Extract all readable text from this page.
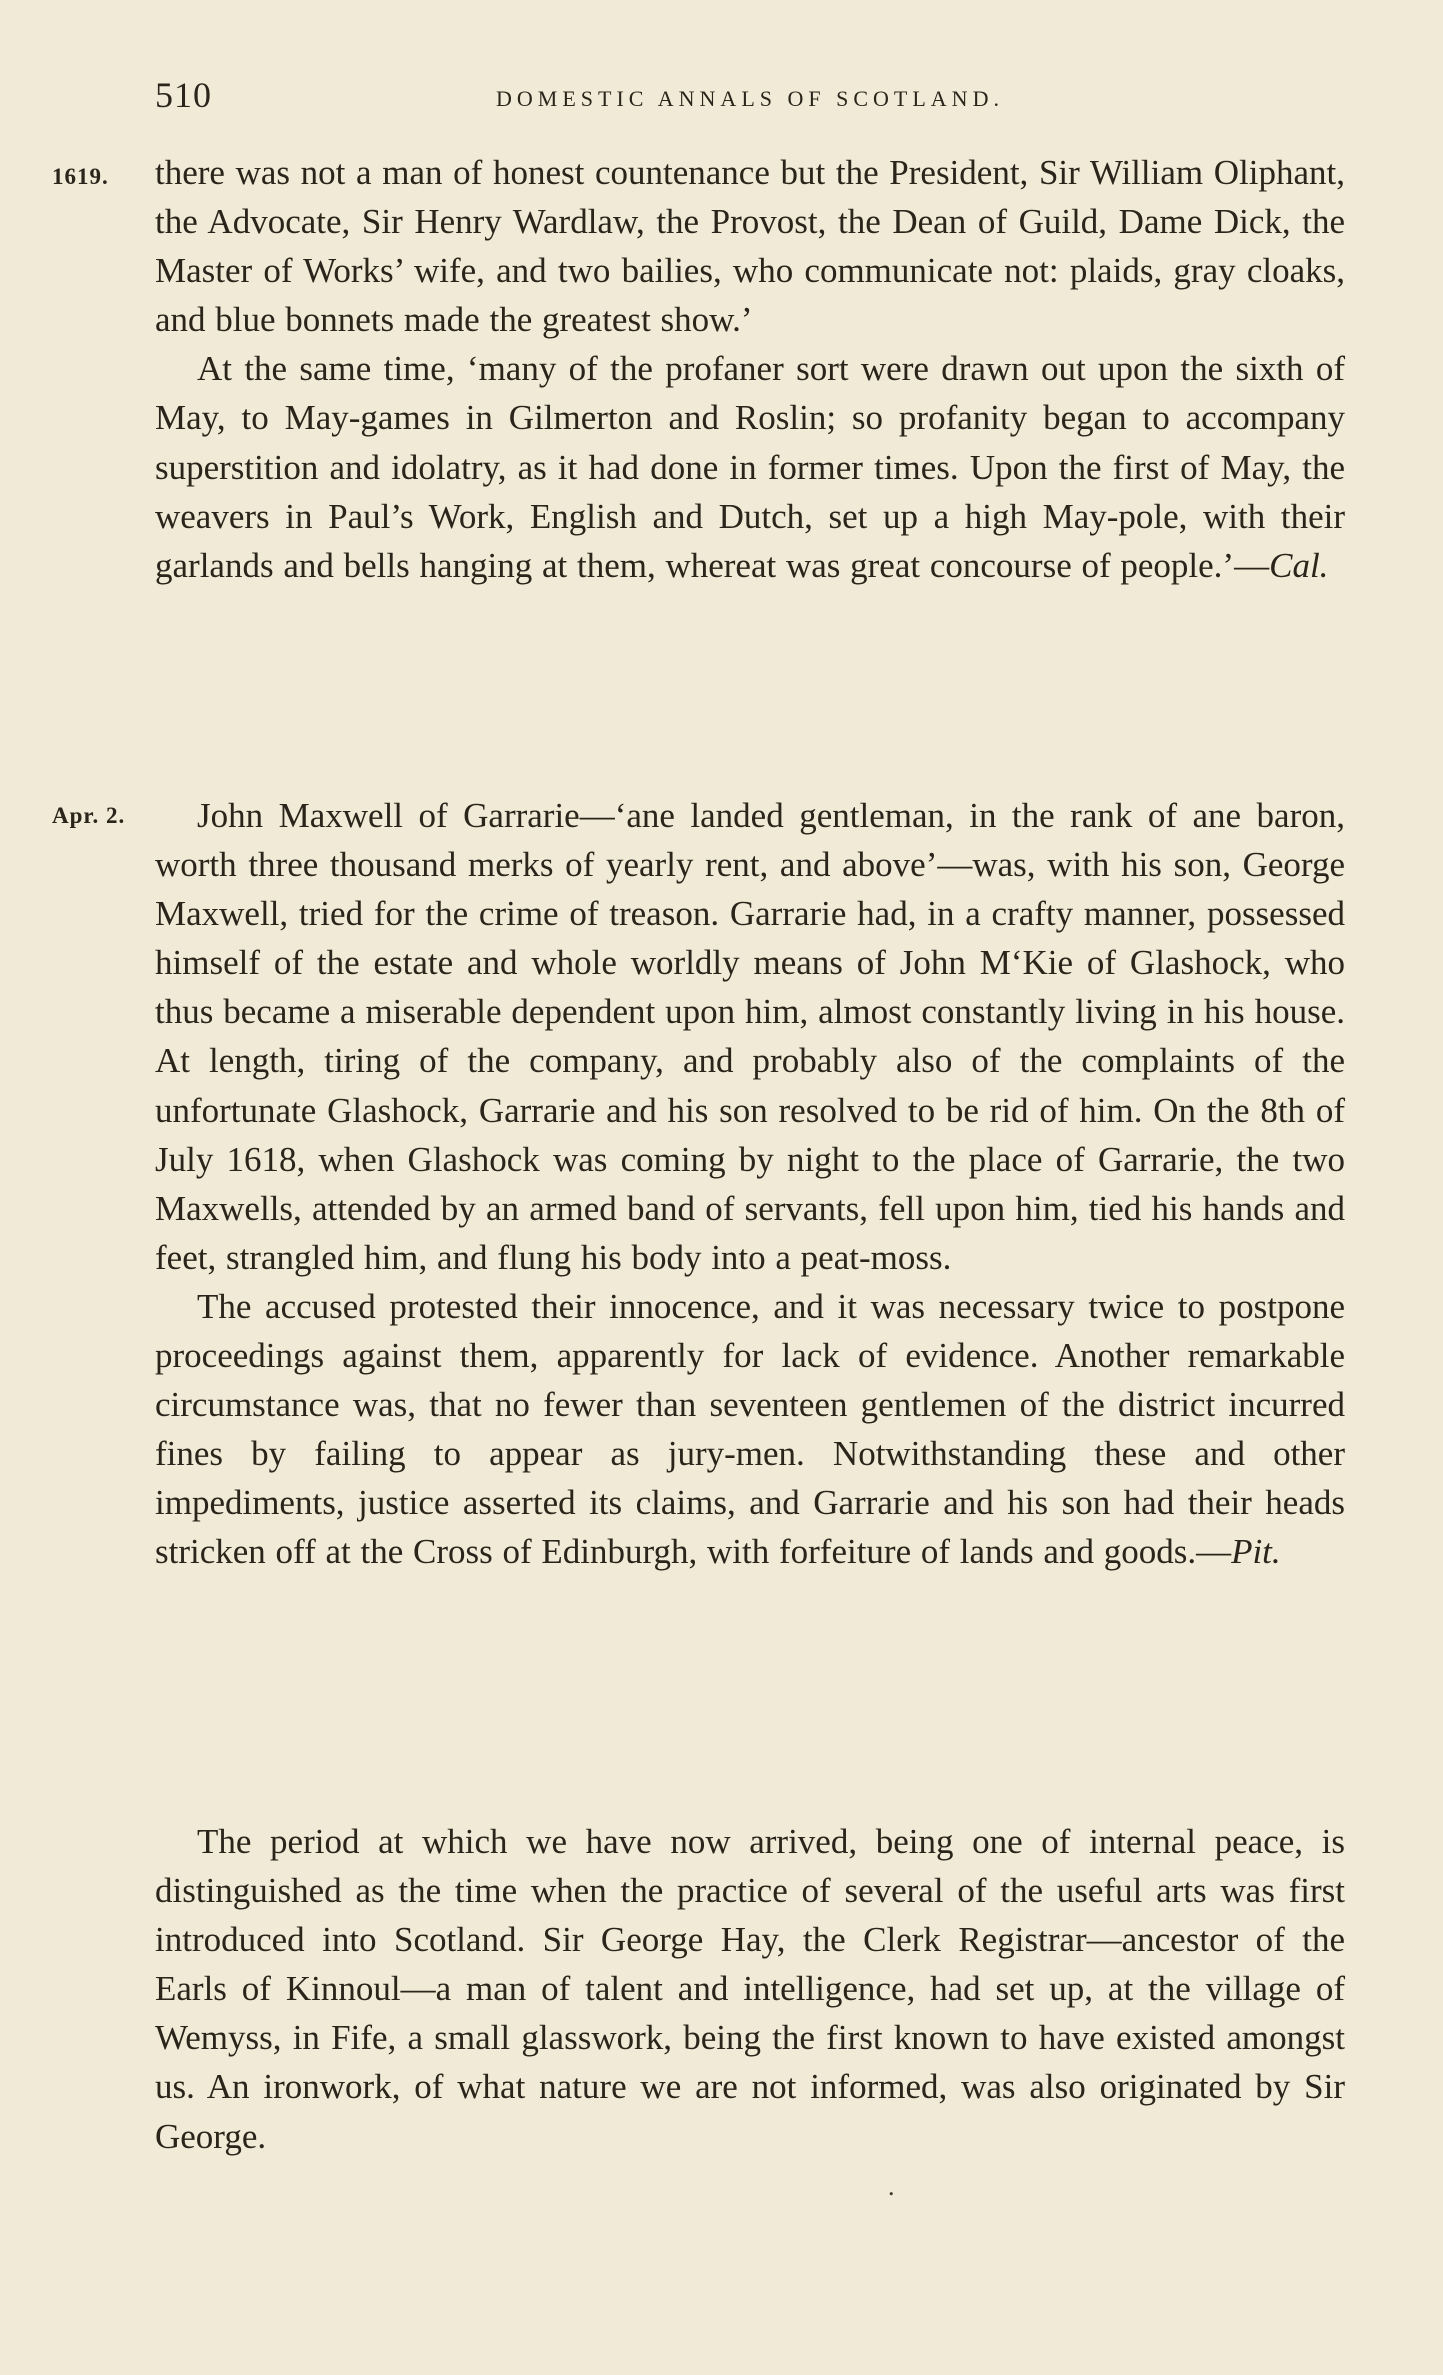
510	DOMESTIC ANNALS OF SCOTLAND.
1619.
Apr. 2.

there was not a man of honest countenance but the President, Sir William Oliphant, the Advocate, Sir Henry Wardlaw, the Provost, the Dean of Guild, Dame Dick, the Master of Works’ wife, and two bailies, who communicate not: plaids, gray cloaks, and blue bonnets made the greatest show.’

At the same time, ‘many of the profaner sort were drawn out upon the sixth of May, to May-games in Gilmerton and Roslin; so profanity began to accompany superstition and idolatry, as it had done in former times. Upon the first of May, the weavers in Paul’s Work, English and Dutch, set up a high May-pole, with their garlands and bells hanging at them, whereat was great concourse of people.’—Cal.

John Maxwell of Garrarie—‘ane landed gentleman, in the rank of ane baron, worth three thousand merks of yearly rent, and above’—was, with his son, George Maxwell, tried for the crime of treason. Garrarie had, in a crafty manner, possessed himself of the estate and whole worldly means of John M‘Kie of Glashock, who thus became a miserable dependent upon him, almost constantly living in his house. At length, tiring of the company, and probably also of the complaints of the unfortunate Glashock, Garrarie and his son resolved to be rid of him. On the 8th of July 1618, when Glashock was coming by night to the place of Garrarie, the two Maxwells, attended by an armed band of servants, fell upon him, tied his hands and feet, strangled him, and flung his body into a peat-moss.

The accused protested their innocence, and it was necessary twice to postpone proceedings against them, apparently for lack of evidence. Another remarkable circumstance was, that no fewer than seventeen gentlemen of the district incurred fines by failing to appear as jury-men. Notwithstanding these and other impediments, justice asserted its claims, and Garrarie and his son had their heads stricken off at the Cross of Edinburgh, with forfeiture of lands and goods.—Pit.

The period at which we have now arrived, being one of internal peace, is distinguished as the time when the practice of several of the useful arts was first introduced into Scotland. Sir George Hay, the Clerk Registrar—ancestor of the Earls of Kinnoul—a man of talent and intelligence, had set up, at the village of Wemyss, in Fife, a small glasswork, being the first known to have existed amongst us. An ironwork, of what nature we are not informed, was also originated by Sir George.

.
